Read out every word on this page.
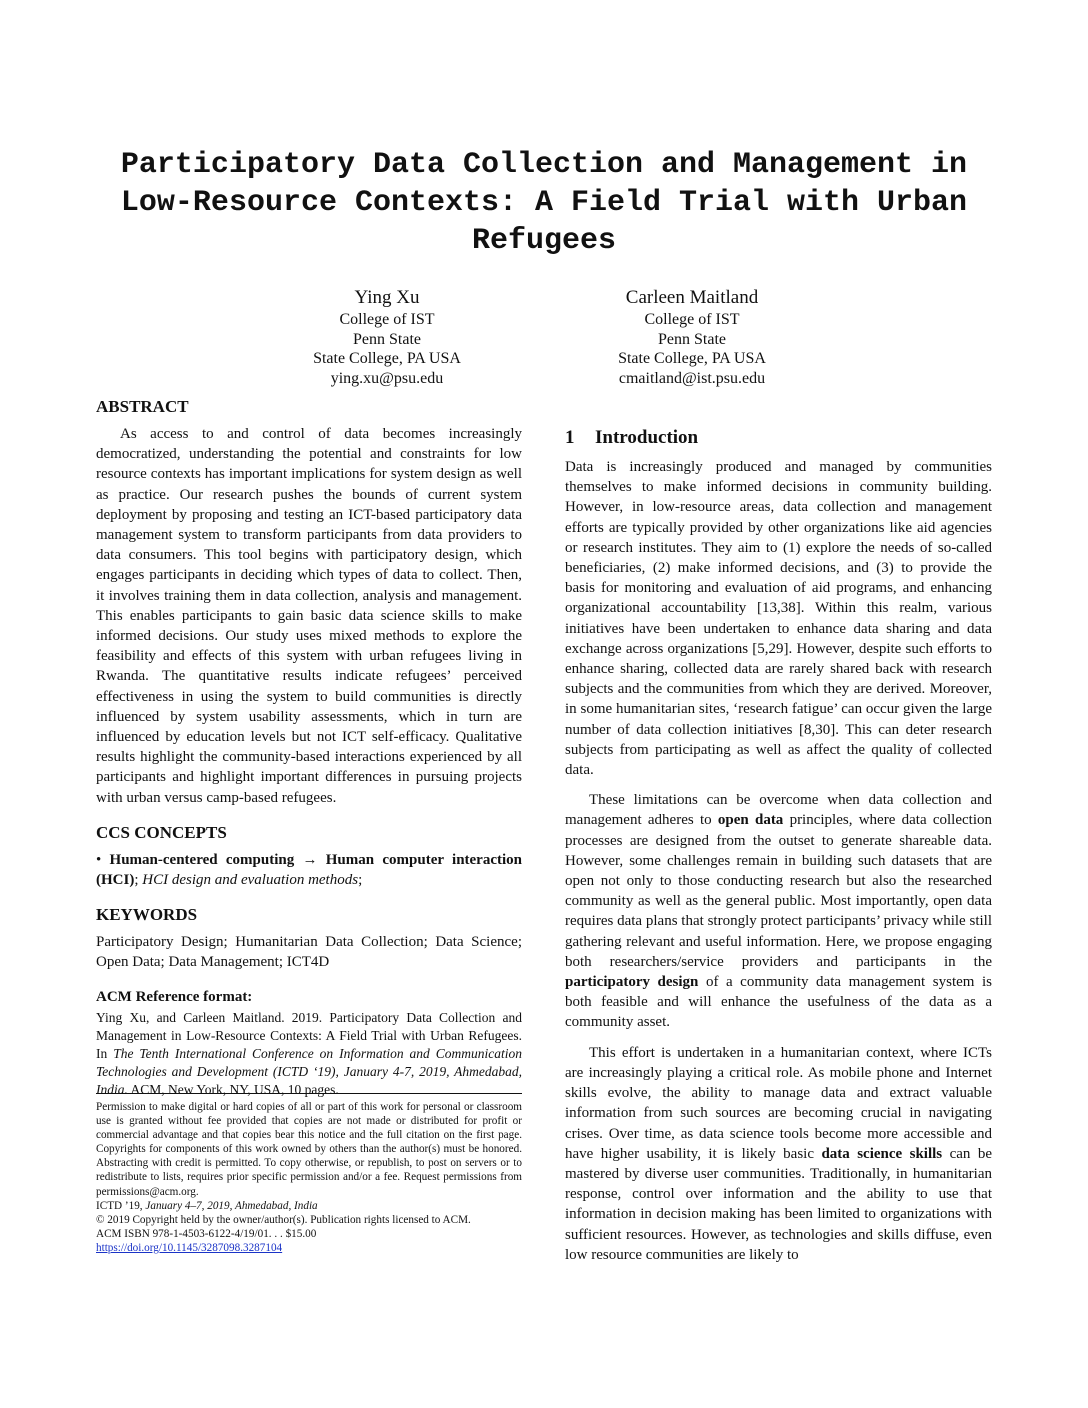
Participatory Data Collection and Management in Low-Resource Contexts: A Field Trial with Urban Refugees
Ying Xu
College of IST
Penn State
State College, PA USA
ying.xu@psu.edu
Carleen Maitland
College of IST
Penn State
State College, PA USA
cmaitland@ist.psu.edu
ABSTRACT

As access to and control of data becomes increasingly democratized, understanding the potential and constraints for low resource contexts has important implications for system design as well as practice. Our research pushes the bounds of current system deployment by proposing and testing an ICT-based participatory data management system to transform participants from data providers to data consumers. This tool begins with participatory design, which engages participants in deciding which types of data to collect. Then, it involves training them in data collection, analysis and management. This enables participants to gain basic data science skills to make informed decisions. Our study uses mixed methods to explore the feasibility and effects of this system with urban refugees living in Rwanda. The quantitative results indicate refugees’ perceived effectiveness in using the system to build communities is directly influenced by system usability assessments, which in turn are influenced by education levels but not ICT self-efficacy. Qualitative results highlight the community-based interactions experienced by all participants and highlight important differences in pursuing projects with urban versus camp-based refugees.

CCS CONCEPTS

• Human-centered computing → Human computer interaction (HCI); HCI design and evaluation methods;

KEYWORDS

Participatory Design; Humanitarian Data Collection; Data Science; Open Data; Data Management; ICT4D

ACM Reference format:

Ying Xu, and Carleen Maitland. 2019. Participatory Data Collection and Management in Low-Resource Contexts: A Field Trial with Urban Refugees. In The Tenth International Conference on Information and Communication Technologies and Development (ICTD ‘19), January 4-7, 2019, Ahmedabad, India. ACM, New York, NY, USA, 10 pages.

Permission to make digital or hard copies of all or part of this work for personal or classroom use is granted without fee provided that copies are not made or distributed for profit or commercial advantage and that copies bear this notice and the full citation on the first page. Copyrights for components of this work owned by others than the author(s) must be honored. Abstracting with credit is permitted. To copy otherwise, or republish, to post on servers or to redistribute to lists, requires prior specific permission and/or a fee. Request permissions from permissions@acm.org.

ICTD ’19, January 4–7, 2019, Ahmedabad, India
© 2019 Copyright held by the owner/author(s). Publication rights licensed to ACM.
ACM ISBN 978-1-4503-6122-4/19/01. . . $15.00
https://doi.org/10.1145/3287098.3287104
1 Introduction

Data is increasingly produced and managed by communities themselves to make informed decisions in community building. However, in low-resource areas, data collection and management efforts are typically provided by other organizations like aid agencies or research institutes. They aim to (1) explore the needs of so-called beneficiaries, (2) make informed decisions, and (3) to provide the basis for monitoring and evaluation of aid programs, and enhancing organizational accountability [13,38]. Within this realm, various initiatives have been undertaken to enhance data sharing and data exchange across organizations [5,29]. However, despite such efforts to enhance sharing, collected data are rarely shared back with research subjects and the communities from which they are derived. Moreover, in some humanitarian sites, ‘research fatigue’ can occur given the large number of data collection initiatives [8,30]. This can deter research subjects from participating as well as affect the quality of collected data.

These limitations can be overcome when data collection and management adheres to open data principles, where data collection processes are designed from the outset to generate shareable data. However, some challenges remain in building such datasets that are open not only to those conducting research but also the researched community as well as the general public. Most importantly, open data requires data plans that strongly protect participants’ privacy while still gathering relevant and useful information. Here, we propose engaging both researchers/service providers and participants in the participatory design of a community data management system is both feasible and will enhance the usefulness of the data as a community asset.

This effort is undertaken in a humanitarian context, where ICTs are increasingly playing a critical role. As mobile phone and Internet skills evolve, the ability to manage data and extract valuable information from such sources are becoming crucial in navigating crises. Over time, as data science tools become more accessible and have higher usability, it is likely basic data science skills can be mastered by diverse user communities. Traditionally, in humanitarian response, control over information and the ability to use that information in decision making has been limited to organizations with sufficient resources. However, as technologies and skills diffuse, even low resource communities are likely to
